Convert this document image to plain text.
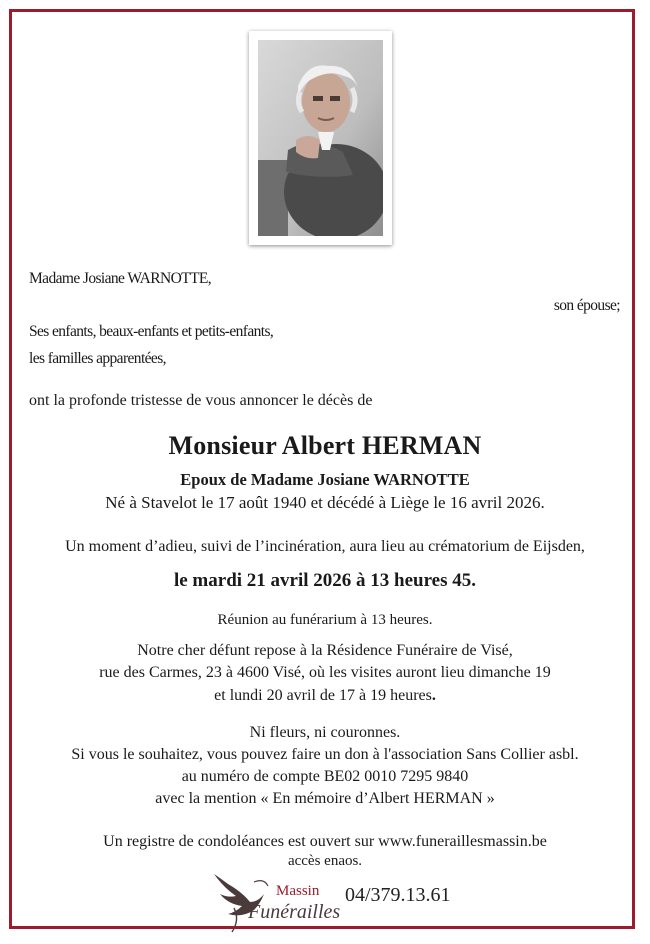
Madame Josiane WARNOTTE,
son épouse;
Ses enfants, beaux-enfants et petits-enfants,
les familles apparentées,
ont la profonde tristesse de vous annoncer le décès de
Monsieur Albert HERMAN
Epoux de Madame Josiane WARNOTTE
Né à Stavelot le 17 août 1940 et décédé à Liège le 16 avril 2026.
Un moment d’adieu, suivi de l’incinération, aura lieu au crématorium de Eijsden,
le mardi 21 avril 2026 à 13 heures 45.
Réunion au funérarium à 13 heures.
Notre cher défunt repose à la Résidence Funéraire de Visé,
rue des Carmes, 23 à 4600 Visé, où les visites auront lieu dimanche 19
et lundi 20 avril de 17 à 19 heures.
Ni fleurs, ni couronnes.
Si vous le souhaitez, vous pouvez faire un don à l'association Sans Collier asbl.
au numéro de compte BE02 0010 7295 9840
avec la mention « En mémoire d’Albert HERMAN »
Un registre de condoléances est ouvert sur www.funeraillesmassin.be
accès enaos.
Massin
Funérailles
04/379.13.61
